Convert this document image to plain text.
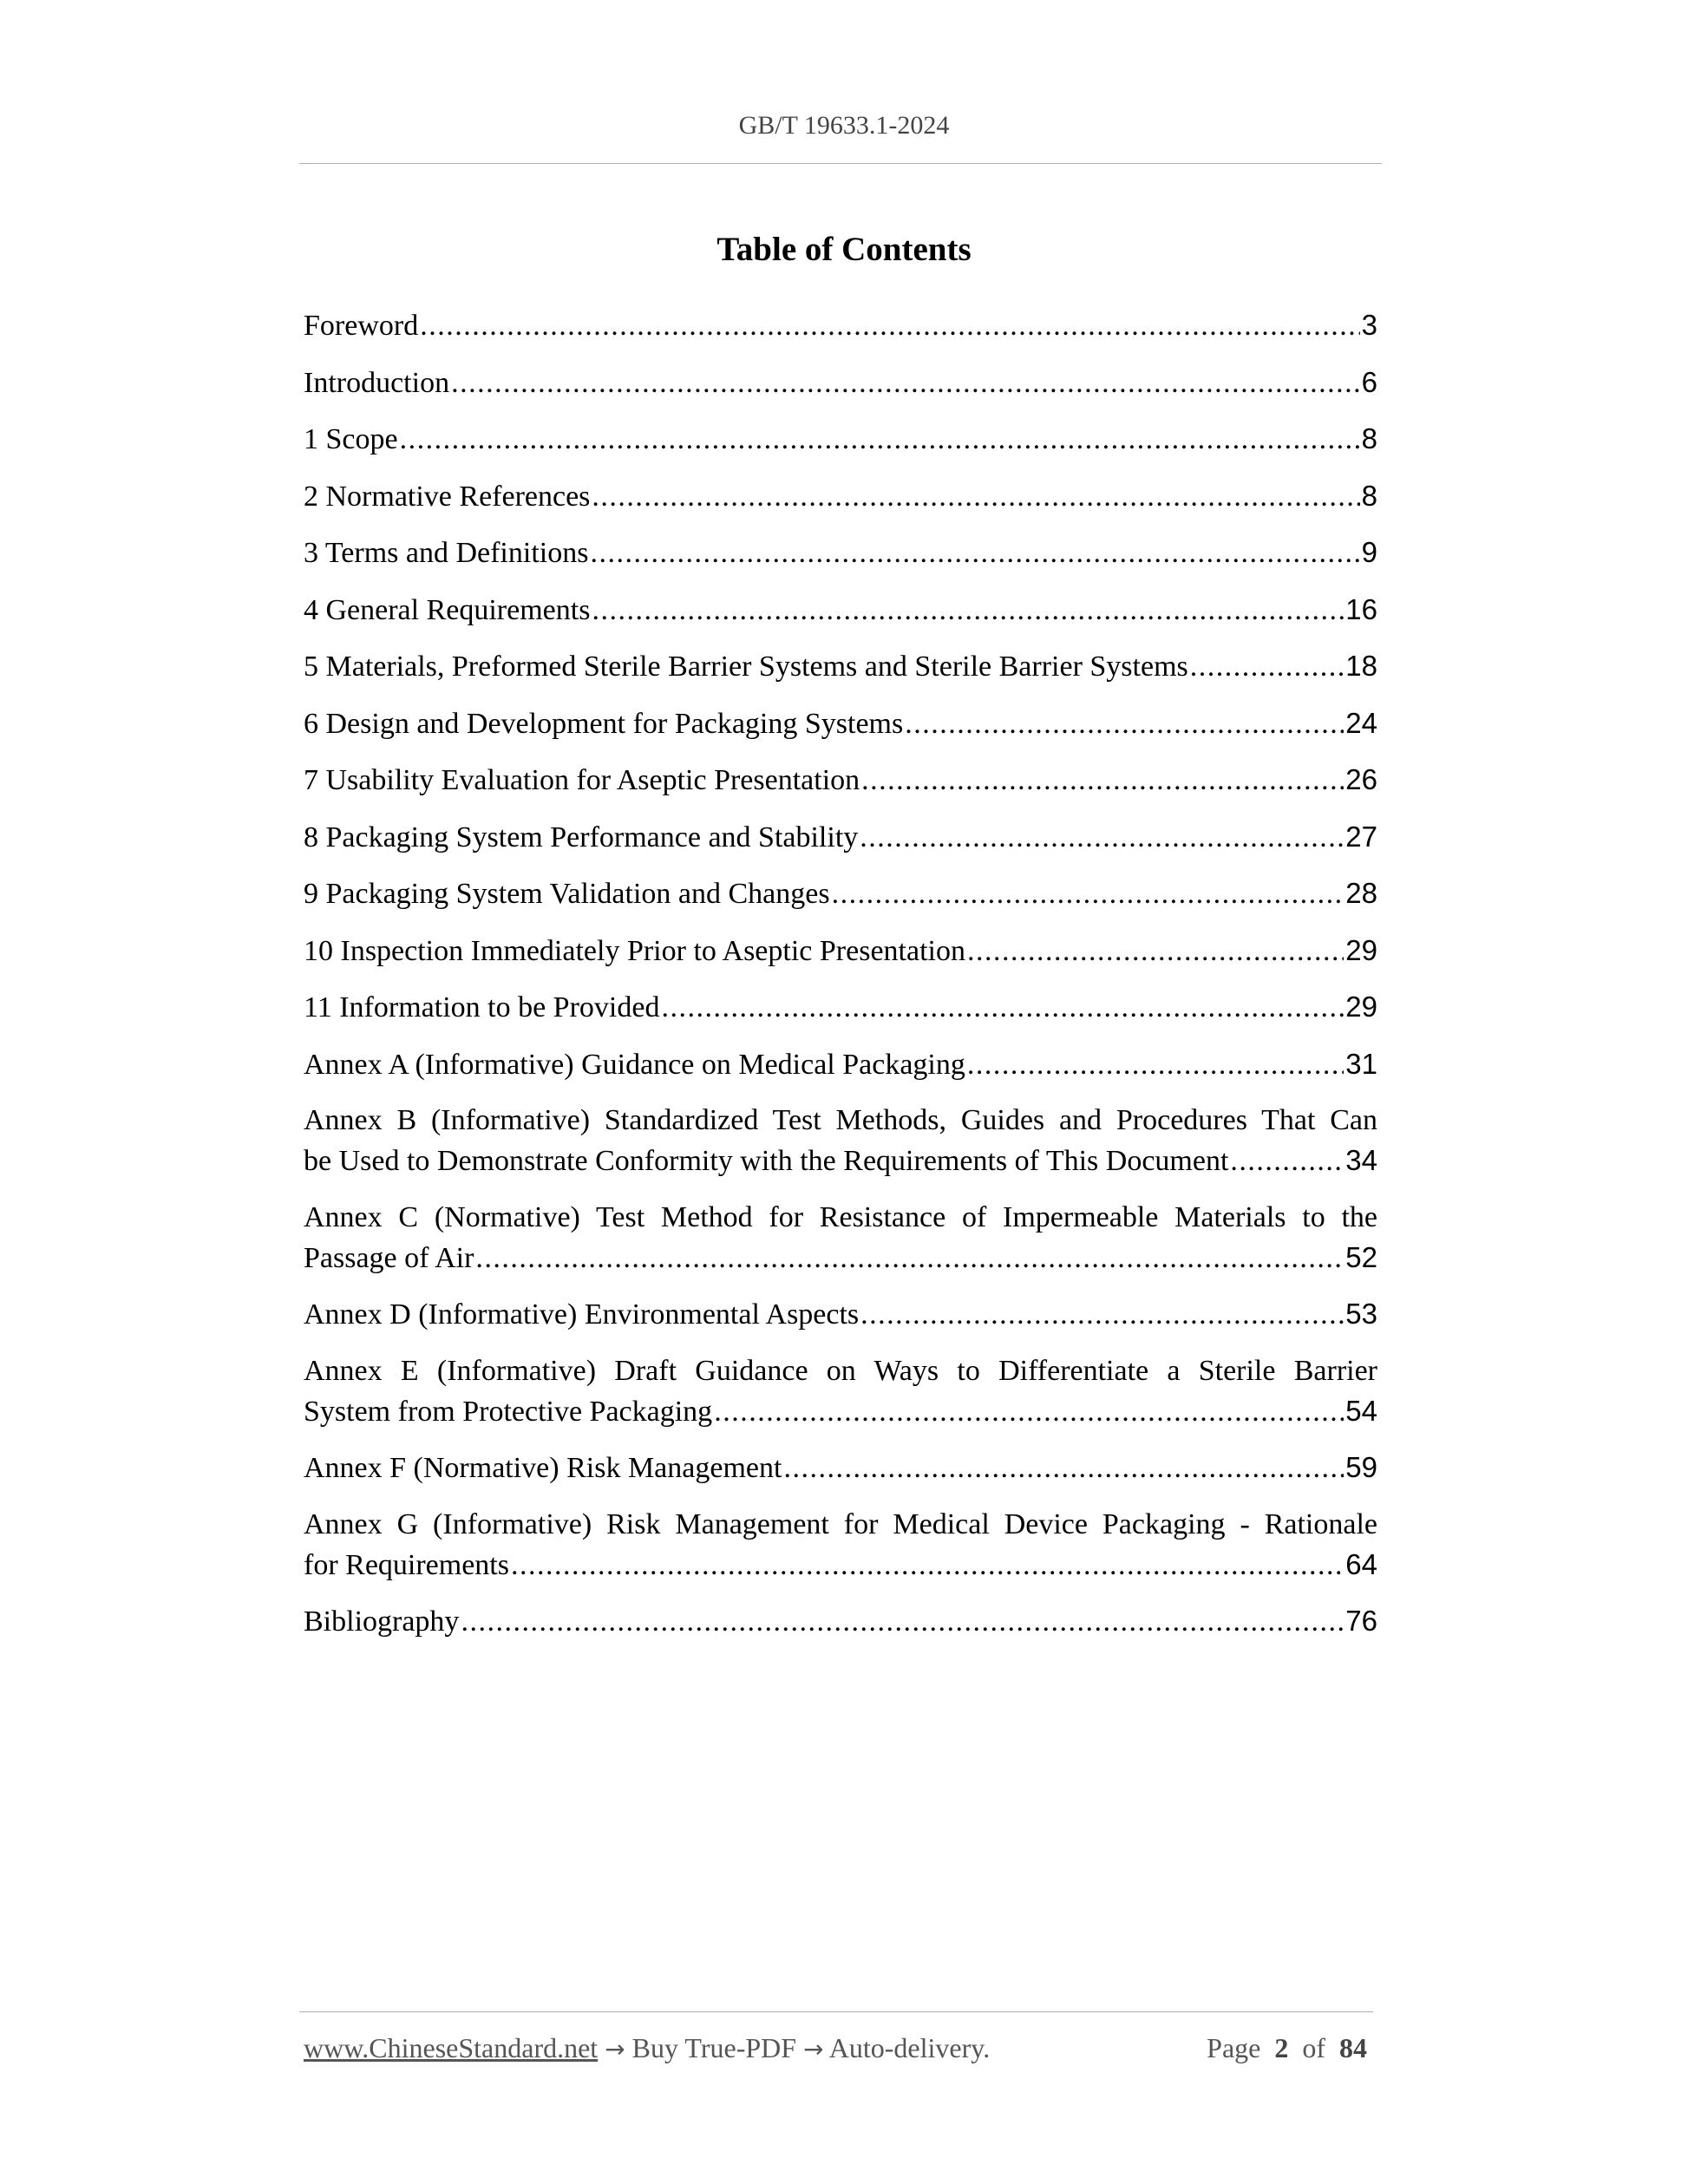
GB/T 19633.1-2024
Table of Contents
Foreword .....	3
Introduction .....	6
1 Scope .....	8
2 Normative References .....	8
3 Terms and Definitions .....	9
4 General Requirements .....	16
5 Materials, Preformed Sterile Barrier Systems and Sterile Barrier Systems .....	18
6 Design and Development for Packaging Systems .....	24
7 Usability Evaluation for Aseptic Presentation .....	26
8 Packaging System Performance and Stability .....	27
9 Packaging System Validation and Changes .....	28
10 Inspection Immediately Prior to Aseptic Presentation .....	29
11 Information to be Provided .....	29
Annex A (Informative) Guidance on Medical Packaging .....	31
Annex B (Informative) Standardized Test Methods, Guides and Procedures That Can
be Used to Demonstrate Conformity with the Requirements of This Document .....	34
Annex C (Normative) Test Method for Resistance of Impermeable Materials to the
Passage of Air .....	52
Annex D (Informative) Environmental Aspects .....	53
Annex E (Informative) Draft Guidance on Ways to Differentiate a Sterile Barrier
System from Protective Packaging .....	54
Annex F (Normative) Risk Management .....	59
Annex G (Informative) Risk Management for Medical Device Packaging - Rationale
for Requirements .....	64
Bibliography .....	76
www.ChineseStandard.net → Buy True-PDF → Auto-delivery.	Page 2 of 84
